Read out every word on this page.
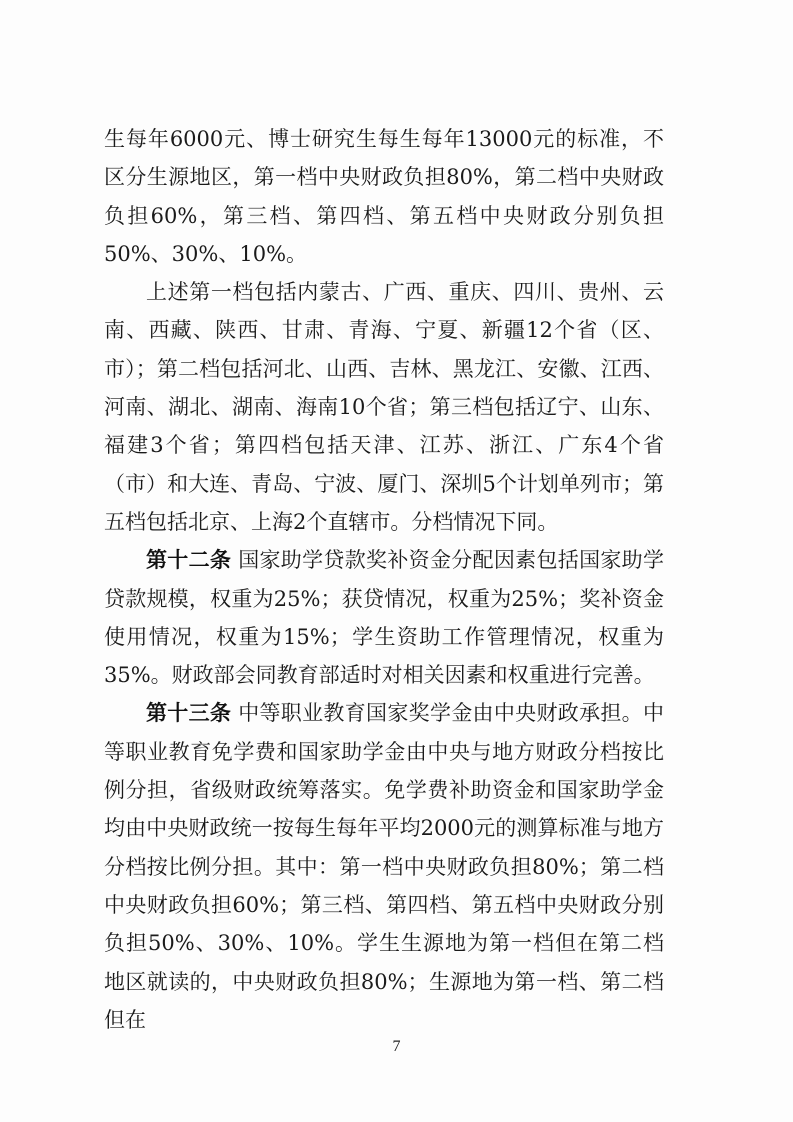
生每年6000元、博士研究生每生每年13000元的标准，不区分生源地区，第一档中央财政负担80%，第二档中央财政负担60%，第三档、第四档、第五档中央财政分别负担50%、30%、10%。

上述第一档包括内蒙古、广西、重庆、四川、贵州、云南、西藏、陕西、甘肃、青海、宁夏、新疆12个省（区、市）；第二档包括河北、山西、吉林、黑龙江、安徽、江西、河南、湖北、湖南、海南10个省；第三档包括辽宁、山东、福建3个省；第四档包括天津、江苏、浙江、广东4个省（市）和大连、青岛、宁波、厦门、深圳5个计划单列市；第五档包括北京、上海2个直辖市。分档情况下同。

第十二条 国家助学贷款奖补资金分配因素包括国家助学贷款规模，权重为25%；获贷情况，权重为25%；奖补资金使用情况，权重为15%；学生资助工作管理情况，权重为35%。财政部会同教育部适时对相关因素和权重进行完善。

第十三条 中等职业教育国家奖学金由中央财政承担。中等职业教育免学费和国家助学金由中央与地方财政分档按比例分担，省级财政统筹落实。免学费补助资金和国家助学金均由中央财政统一按每生每年平均2000元的测算标准与地方分档按比例分担。其中：第一档中央财政负担80%；第二档中央财政负担60%；第三档、第四档、第五档中央财政分别负担50%、30%、10%。学生生源地为第一档但在第二档地区就读的，中央财政负担80%；生源地为第一档、第二档但在

7
